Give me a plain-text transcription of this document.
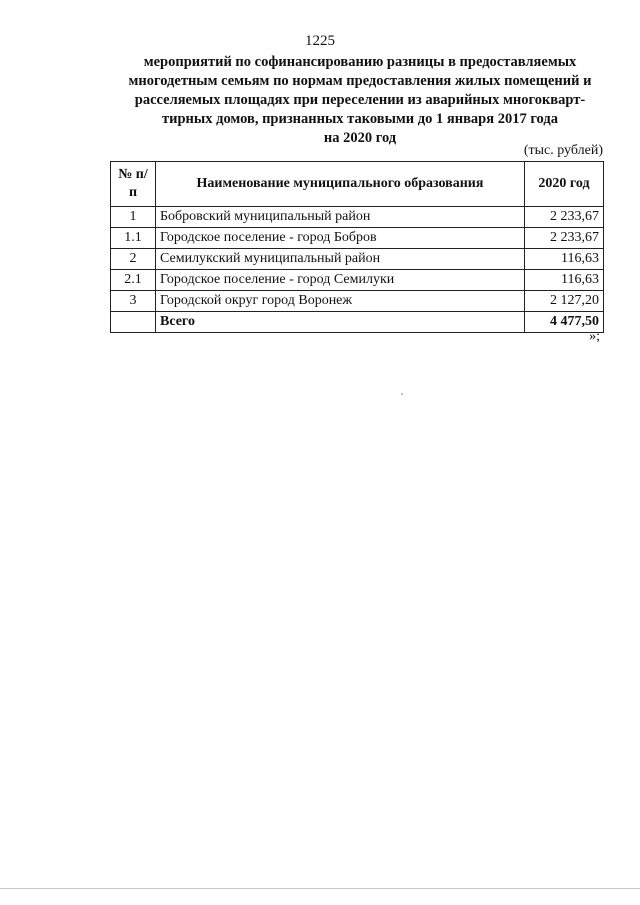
1225
мероприятий по софинансированию разницы в предоставляемых
многодетным семьям по нормам предоставления жилых помещений и
расселяемых площадях при переселении из аварийных многокварт-
тирных домов, признанных таковыми до 1 января 2017 года
на 2020 год
(тыс. рублей)
№ п/п	Наименование муниципального образования	2020 год
1	Бобровский муниципальный район	2 233,67
1.1	Городское поселение - город Бобров	2 233,67
2	Семилукский муниципальный район	116,63
2.1	Городское поселение - город Семилуки	116,63
3	Городской округ город Воронеж	2 127,20
	Всего	4 477,50
»;
